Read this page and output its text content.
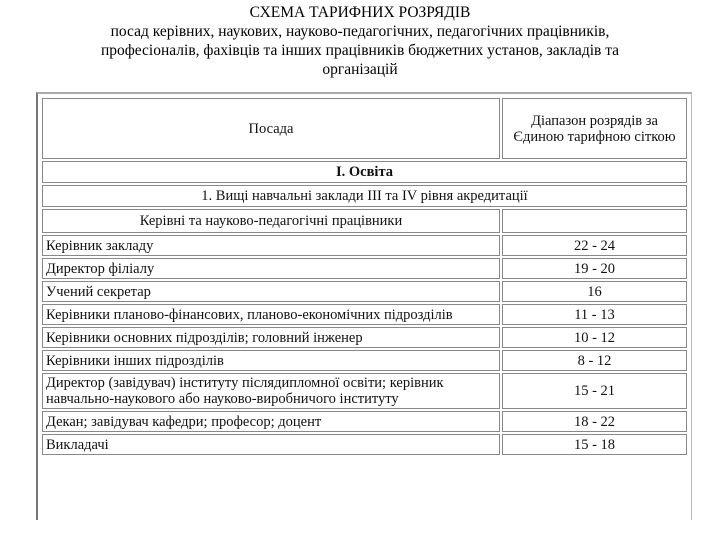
СХЕМА ТАРИФНИХ РОЗРЯДІВ
посад керівних, наукових, науково-педагогічних, педагогічних працівників,
професіоналів, фахівців та інших працівників бюджетних установ, закладів та
організацій
Посада	Діапазон розрядів за Єдиною тарифною сіткою
І. Освіта	
1. Вищі навчальні заклади ІІІ та IV рівня акредитації	
Керівні та науково-педагогічні працівники	
Керівник закладу	22 - 24
Директор філіалу	19 - 20
Учений секретар	16
Керівники планово-фінансових, планово-економічних підрозділів	11 - 13
Керівники основних підрозділів; головний інженер	10 - 12
Керівники інших підрозділів	8 - 12
Директор (завідувач) інституту післядипломної освіти; керівник навчально-наукового або науково-виробничого інституту	15 - 21
Декан; завідувач кафедри; професор; доцент	18 - 22
Викладачі	15 - 18
